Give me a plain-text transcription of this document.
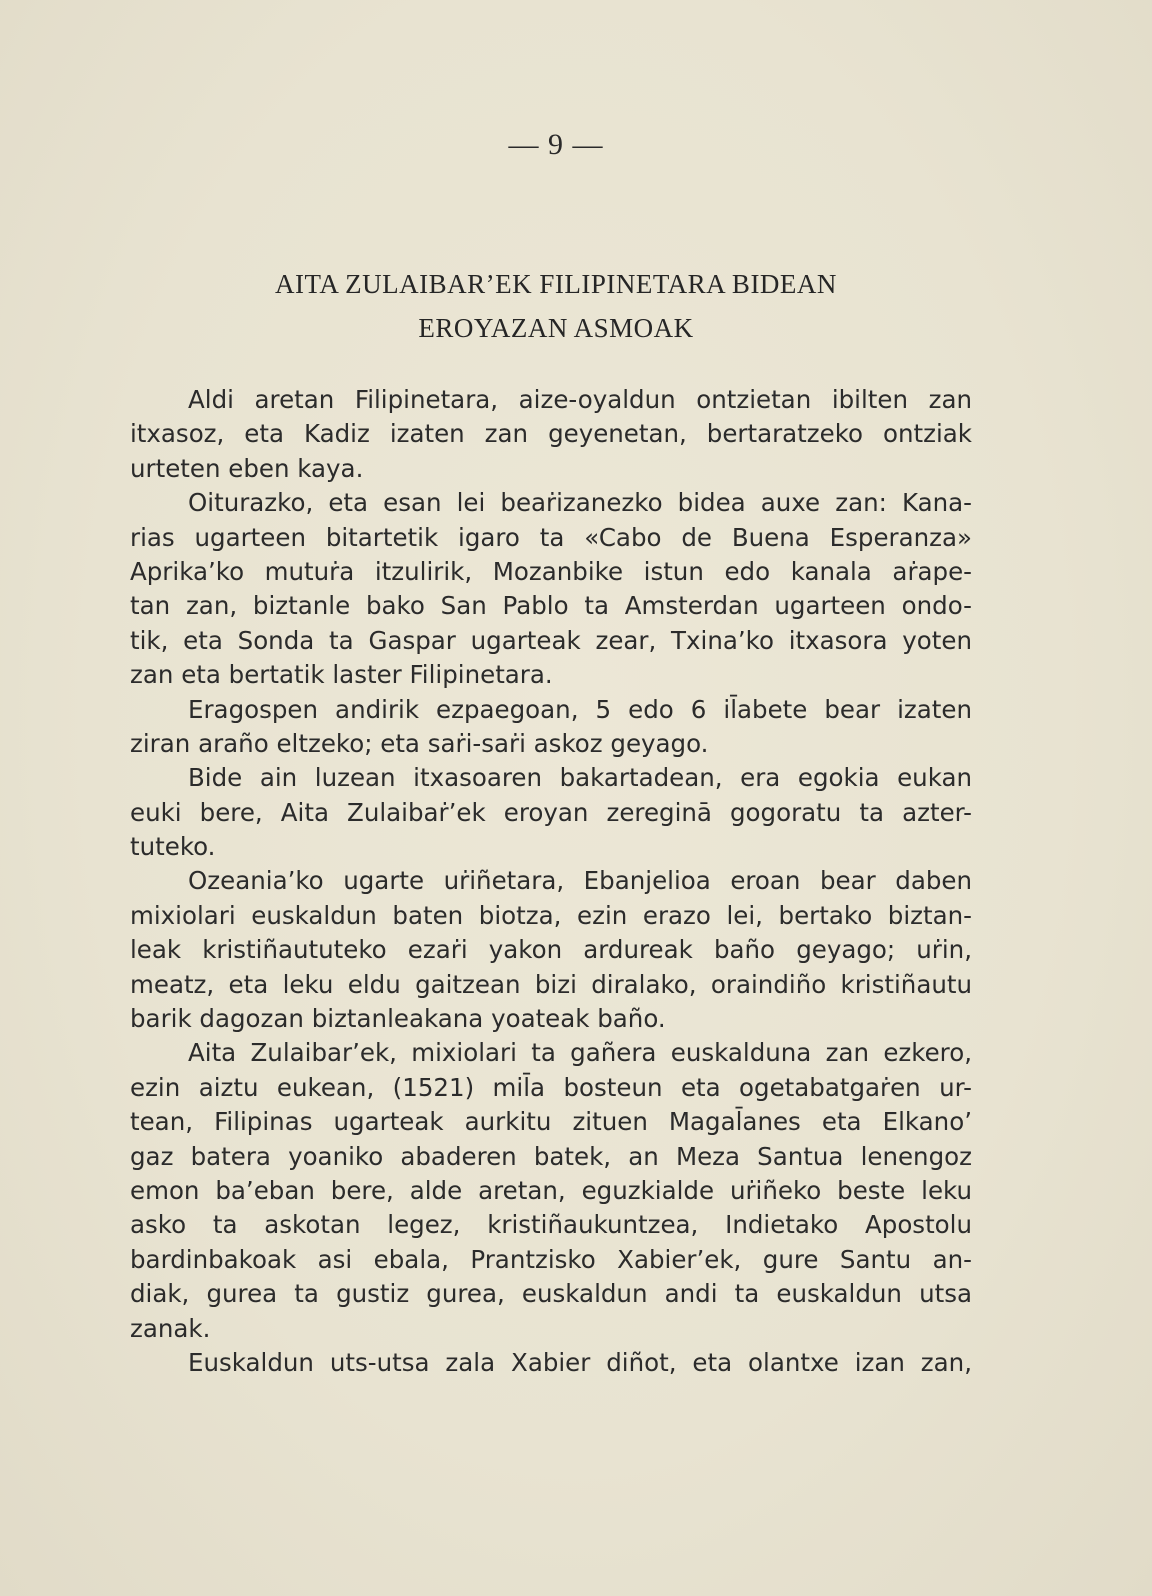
— 9 —
AITA ZULAIBAR’EK FILIPINETARA BIDEAN
EROYAZAN ASMOAK
Aldi aretan Filipinetara, aize-oyaldun ontzietan ibilten zan
itxasoz, eta Kadiz izaten zan geyenetan, bertaratzeko ontziak
urteten eben kaya.
Oiturazko, eta esan lei beaṙizanezko bidea auxe zan: Kana-
rias ugarteen bitartetik igaro ta «Cabo de Buena Esperanza»
Aprika’ko mutuṙa itzulirik, Mozanbike istun edo kanala aṙape-
tan zan, biztanle bako San Pablo ta Amsterdan ugarteen ondo-
tik, eta Sonda ta Gaspar ugarteak zear, Txina’ko itxasora yoten
zan eta bertatik laster Filipinetara.
Eragospen andirik ezpaegoan, 5 edo 6 il̄abete bear izaten
ziran araño eltzeko; eta saṙi-saṙi askoz geyago.
Bide ain luzean itxasoaren bakartadean, era egokia eukan
euki bere, Aita Zulaibaṙ’ek eroyan zereginā gogoratu ta azter-
tuteko.
Ozeania’ko ugarte uṙiñetara, Ebanjelioa eroan bear daben
mixiolari euskaldun baten biotza, ezin erazo lei, bertako biztan-
leak kristiñaututeko ezaṙi yakon ardureak baño geyago; uṙin,
meatz, eta leku eldu gaitzean bizi diralako, oraindiño kristiñautu
barik dagozan biztanleakana yoateak baño.
Aita Zulaibar’ek, mixiolari ta gañera euskalduna zan ezkero,
ezin aiztu eukean, (1521) mil̄a bosteun eta ogetabatgaṙen ur-
tean, Filipinas ugarteak aurkitu zituen Magal̄anes eta Elkano’
gaz batera yoaniko abaderen batek, an Meza Santua lenengoz
emon ba’eban bere, alde aretan, eguzkialde uṙiñeko beste leku
asko ta askotan legez, kristiñaukuntzea, Indietako Apostolu
bardinbakoak asi ebala, Prantzisko Xabier’ek, gure Santu an-
diak, gurea ta gustiz gurea, euskaldun andi ta euskaldun utsa
zanak.
Euskaldun uts-utsa zala Xabier diñot, eta olantxe izan zan,
